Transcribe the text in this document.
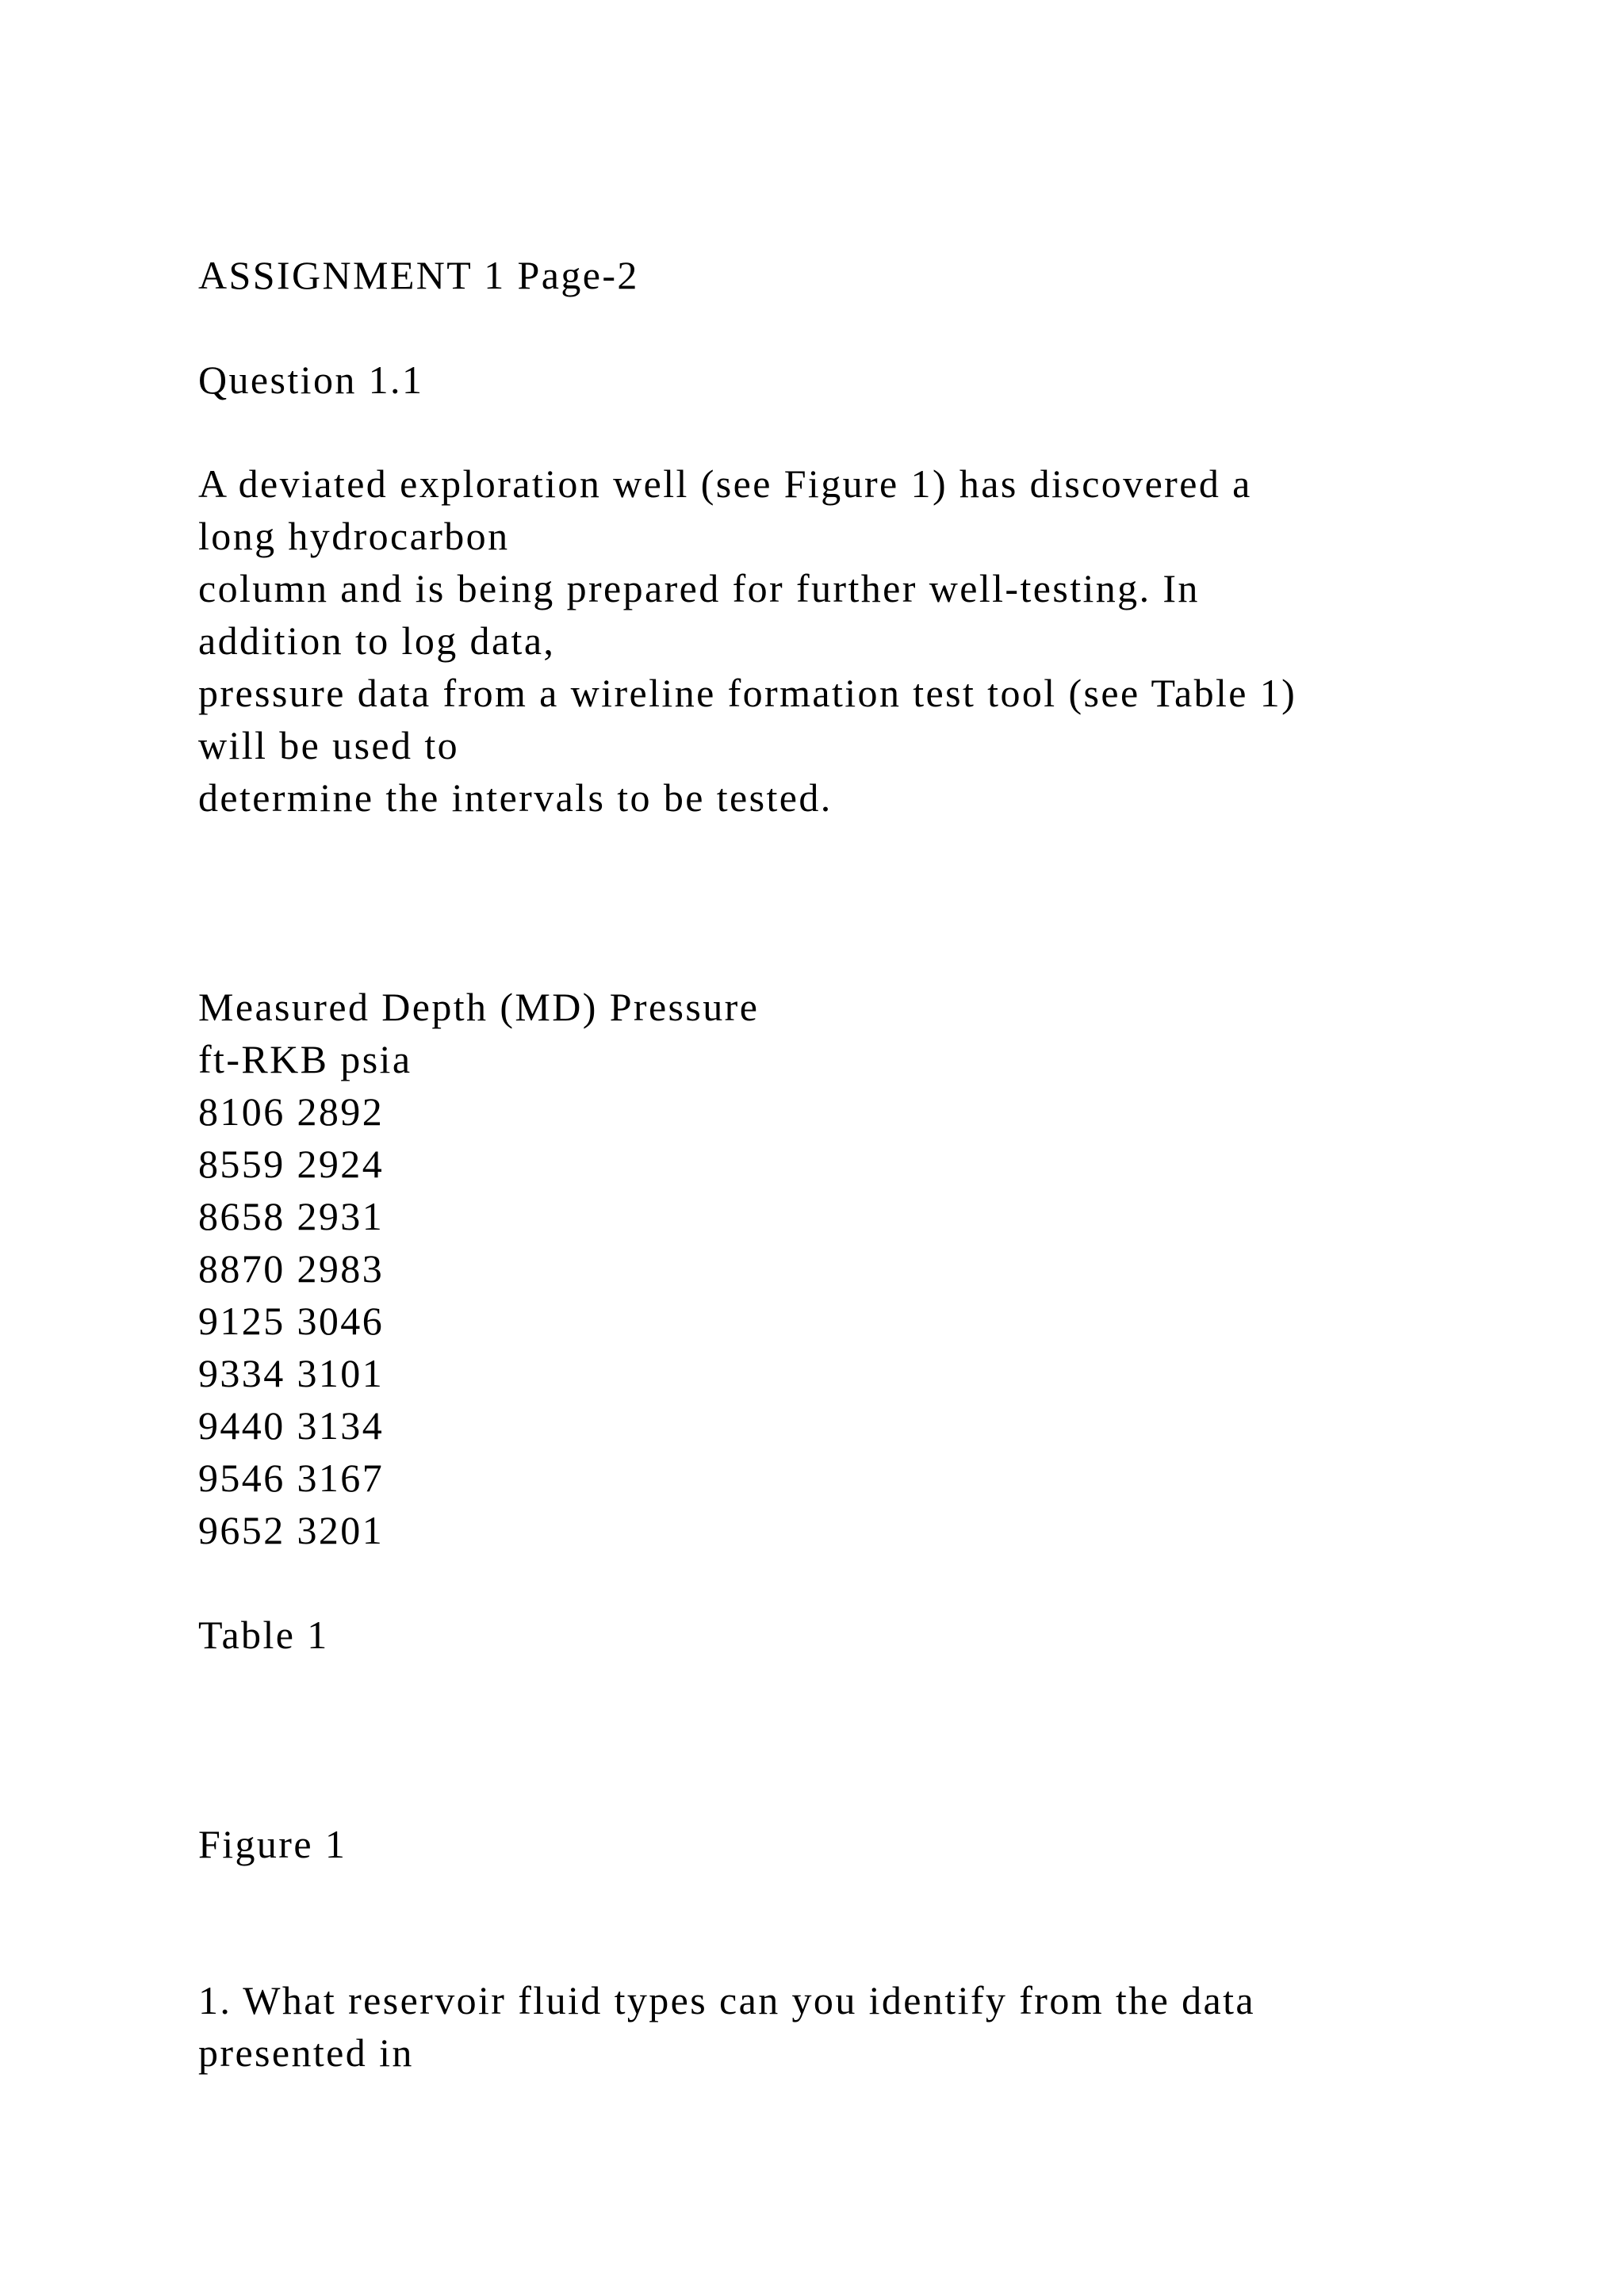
ASSIGNMENT 1 Page-2

Question 1.1

A deviated exploration well (see Figure 1) has discovered a

long hydrocarbon

column and is being prepared for further well-testing. In

addition to log data,

pressure data from a wireline formation test tool (see Table 1)

will be used to

determine the intervals to be tested.

Measured Depth (MD) Pressure

ft-RKB psia

8106 2892

8559 2924

8658 2931

8870 2983

9125 3046

9334 3101

9440 3134

9546 3167

9652 3201

Table 1

Figure 1

1. What reservoir fluid types can you identify from the data

presented in
